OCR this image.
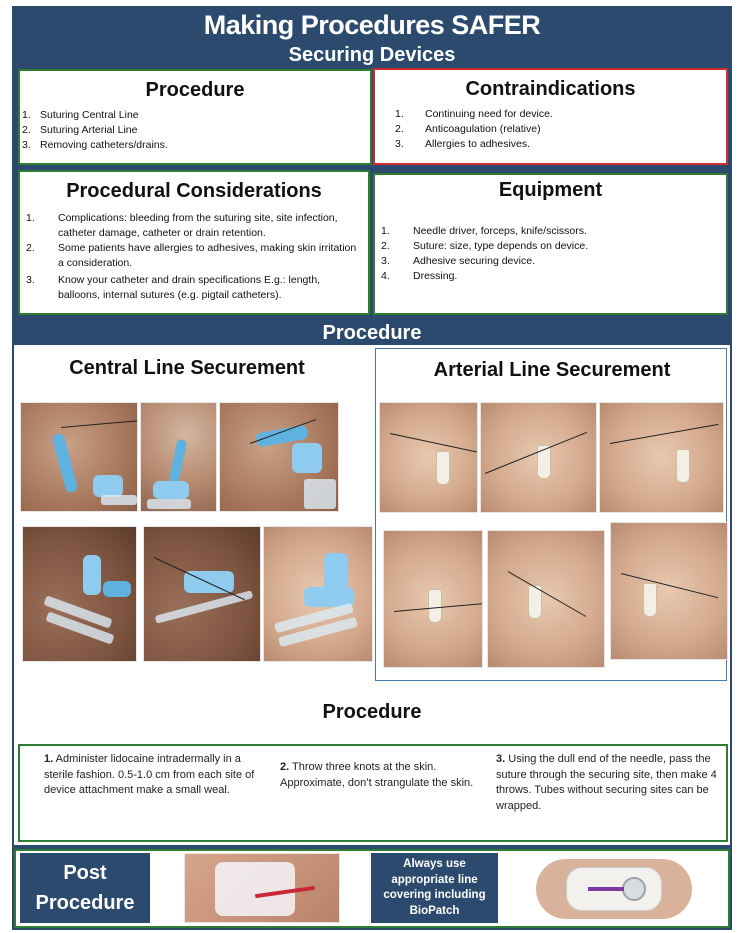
Making Procedures SAFER
Securing Devices
Procedure
1. Suturing Central Line
2. Suturing Arterial Line
3. Removing catheters/drains.
Contraindications
1. Continuing need for device.
2. Anticoagulation (relative)
3. Allergies to adhesives.
Procedural Considerations
1. Complications: bleeding from the suturing site, site infection, catheter damage, catheter or drain retention.
2. Some patients have allergies to adhesives, making skin irritation a consideration.
3. Know your catheter and drain specifications E.g.: length, balloons, internal sutures (e.g. pigtail catheters).
Equipment
1. Needle driver, forceps, knife/scissors.
2. Suture: size, type depends on device.
3. Adhesive securing device.
4. Dressing.
Procedure
Central Line Securement	Arterial Line Securement
Procedure
1. Administer lidocaine intradermally in a sterile fashion. 0.5-1.0 cm from each site of device attachment make a small weal.
2. Throw three knots at the skin. Approximate, don’t strangulate the skin.
3. Using the dull end of the needle, pass the suture through the securing site, then make 4 throws. Tubes without securing sites can be wrapped.
Post Procedure
Always use appropriate line covering including BioPatch
